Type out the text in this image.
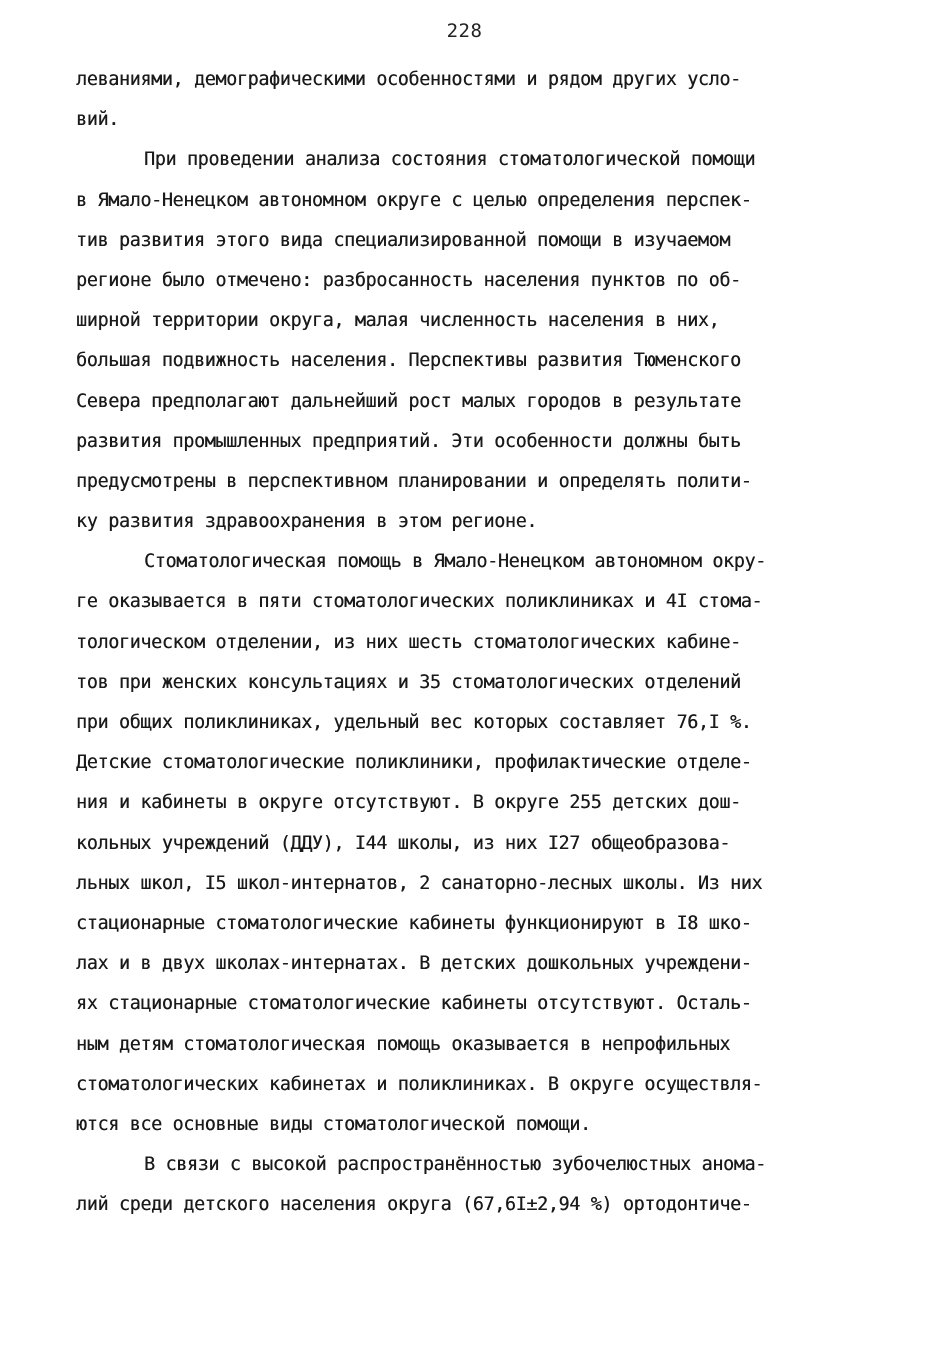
228
леваниями, демографическими особенностями и рядом других усло-
вий.
При проведении анализа состояния стоматологической помощи
в Ямало-Ненецком автономном округе с целью определения перспек-
тив развития этого вида специализированной помощи в изучаемом
регионе было отмечено: разбросанность населения пунктов по об-
ширной территории округа, малая численность населения в них,
большая подвижность населения. Перспективы развития Тюменского
Севера предполагают дальнейший рост малых городов в результате
развития промышленных предприятий. Эти особенности должны быть
предусмотрены в перспективном планировании и определять полити-
ку развития здравоохранения в этом регионе.
Стоматологическая помощь в Ямало-Ненецком автономном окру-
ге оказывается в пяти стоматологических поликлиниках и 4I стома-
тологическом отделении, из них шесть стоматологических кабине-
тов при женских консультациях и 35 стоматологических отделений
при общих поликлиниках, удельный вес которых составляет 76,I %.
Детские стоматологические поликлиники, профилактические отделе-
ния и кабинеты в округе отсутствуют. В округе 255 детских дош-
кольных учреждений (ДДУ), I44 школы, из них I27 общеобразова-
льных школ, I5 школ-интернатов, 2 санаторно-лесных школы. Из них
стационарные стоматологические кабинеты функционируют в I8 шко-
лах и в двух школах-интернатах. В детских дошкольных учреждени-
ях стационарные стоматологические кабинеты отсутствуют. Осталь-
ным детям стоматологическая помощь оказывается в непрофильных
стоматологических кабинетах и поликлиниках. В округе осуществля-
ются все основные виды стоматологической помощи.
В связи с высокой распространённостью зубочелюстных анома-
лий среди детского населения округа (67,6I±2,94 %) ортодонтиче-
